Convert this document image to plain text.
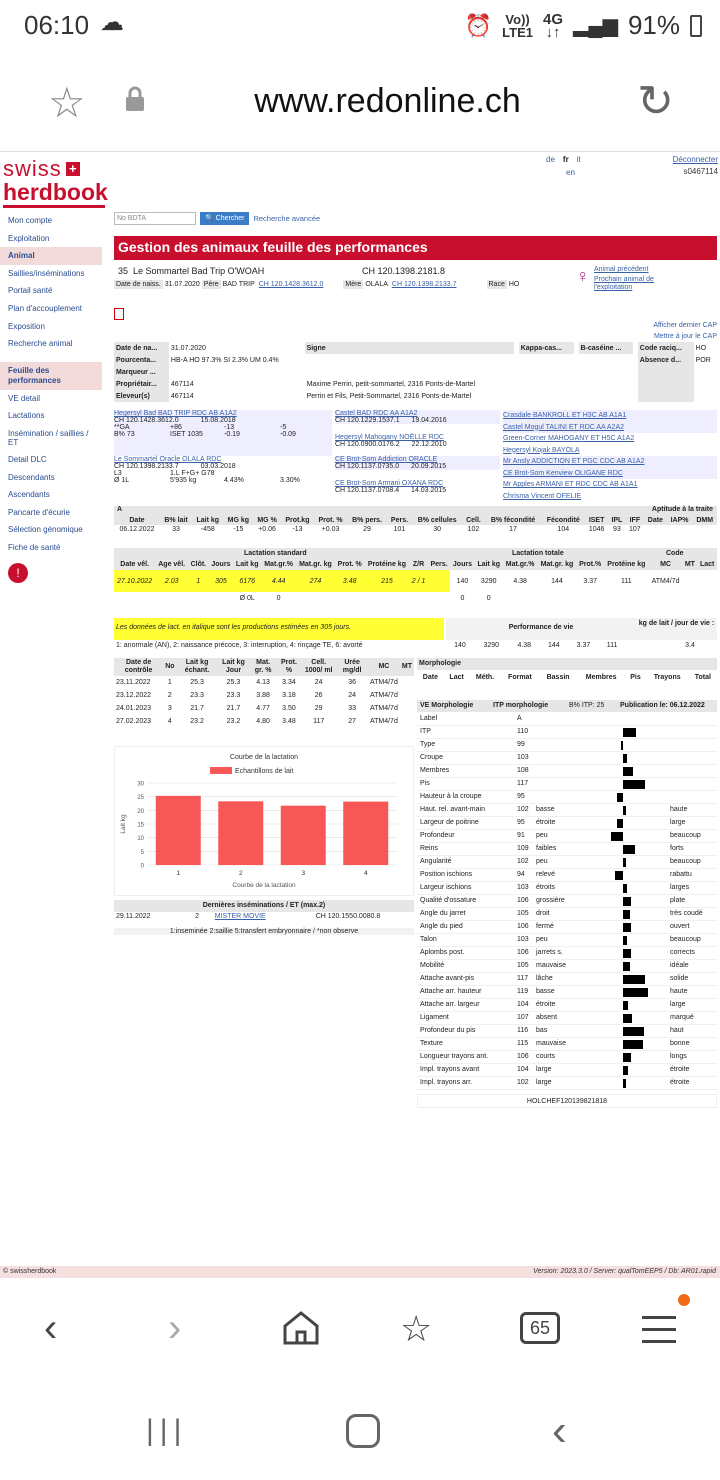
06:10 ☁	⏰ Vo))
LTE1
4G
↓↑ ▂▄▆ 91%
☆	www.redonline.ch	↻
swiss +
herdbook
de fr it
en
Déconnecter
s0467114
Mon compte
Exploitation
Animal
Saillies/inséminations
Portail santé
Plan d'accouplement
Exposition
Recherche animal
Feuille des performances
VE detail
Lactations
Insémination / saillies / ET
Detail DLC
Descendants
Ascendants
Pancarte d'écurie
Sélection génomique
Fiche de santé
!
No BDTA	🔍 Chercher	Recherche avancée
Gestion des animaux feuille des performances
35 Le Sommartel Bad Trip O'WOAH	CH 120.1398.2181.8
Date de naiss.	31.07.2020	Père	BAD TRIP	CH 120.1428.3612.0	Mère	OLALA	CH 120.1398.2133.7	Race	HO	♀ Animal précédent
Prochain animal de l'exploitation
Afficher dernier CAP
Mettre à jour le CAP
Date de na...	31.07.2020	Signe		Kappa-cas...		B-caséine ...		Code raciq...	HO
Pourcenta...	HB-A HO 97.3% SI 2.3% UM 0.4%							Absence d...	POR
Marqueur ...									
Propriétair...	467114	Maxime Perrin, petit-sommartel, 2316 Ponts-de-Martel							
Eleveur(s)	467114	Perrin et Fils, Petit-Sommartel, 2316 Ponts-de-Martel							
Hegersyl Bad BAD TRIP RDC AB A1A2
CH 120.1428.3612.0	15.08.2018
**GA	+86	-13	-5
B% 73	ISET 1035	-0.19	-0.09
Le Sommartel Oracle OLALA RDC
CH 120.1398.2133.7	03.03.2018
L3	1.L F+G+ G78
Ø 1L	5'935 kg	4.43%	3.30%
Castel BAD RDC AA A1A2
CH 120.1229.1537.1 19.04.2016
Hegersyl Mahogany NOËLLE RDC
CH 120.0900.0176.2 22.12.2010
CE Brot-Som Addiction ORACLE
CH 120.1137.0735.0 20.09.2015
CE Brot-Som Armani OXANA RDC
CH 120.1137.0708.4 14.03.2015
Crasdale BANKROLL ET H3C AB A1A1
Castel Mogul TALINI ET RDC AA A2A2
Green-Corner MAHOGANY ET H5C A1A2
Hegersyl Kojak BAYOLA
Mr Ansly ADDICTION ET PGC CDC AB A1A2
CE Brot-Som Kenview OLIGANE RDC
Mr Apples ARMANI ET RDC CDC AB A1A1
Chrisma Vincent OFELIE
A	Aptitude à la traite
Date	B% lait	Lait kg	MG kg	MG %	Prot.kg	Prot. %	B% pers.	Pers.	B% cellules	Cell.	B% fécondité	Fécondité	ISET	IPL	IFF	Date	IAP%	DMM
06.12.2022	33	-458	-15	+0.06	-13	+0.03	29	101	30	102	17	104	1046	93	107			
Lactation standard	Lactation totale	Code
Date vêl.	Age vêl.	Clôt.	Jours	Lait kg	Mat.gr.%	Mat.gr. kg	Prot. %	Protéine kg	Z/R	Pers.	Jours	Lait kg	Mat.gr.%	Mat.gr. kg	Prot.%	Protéine kg	MC	MT	Lact
27.10.2022	2.03	1	305	6176	4.44	274	3.48	215	2 / 1		140	3290	4.38	144	3.37	111	ATM4/7d		
				Ø 0L	0						0	0							
Les données de lact. en italique sont les productions estimées en 305 jours.	Performance de vie
kg de lait / jour de vie :
1: anormale (AN), 2: naissance précoce, 3: interruption, 4: rinçage TE, 6: avorté	140	3290	4.38	144	3.37	111	3.4
Date de contrôle	No	Lait kg échant.	Lait kg Jour	Mat. gr. %	Prot. %	Cell. 1000/ ml	Urée mg/dl	MC	MT
23.11.2022	1	25.3	25.3	4.13	3.34	24	36	ATM4/7d	
23.12.2022	2	23.3	23.3	3.88	3.18	26	24	ATM4/7d	
24.01.2023	3	21.7	21.7	4.77	3.50	29	33	ATM4/7d	
27.02.2023	4	23.2	23.2	4.80	3.48	117	27	ATM4/7d	
Courbe de la lactation
Echantillons de lait
0
5
10
15
20
25
30
Lait kg
1	2	3	4
Courbe de la lactation
Dernières inséminations / ET (max.2)
29.11.2022	2	MISTER MOVIE	CH 120.1550.0080.8
1:inseminée 2:saillie 5:transfert embryonnaire / *non observe
Morphologie
Date	Lact	Méth.	Format	Bassin	Membres	Pis	Trayons	Total

VE Morphologie	ITP morphologie	B% ITP: 25 Publication le: 06.12.2022
Label	A
ITP	110
Type	99
Croupe	103
Membres	108
Pis	117
Hauteur à la croupe	95
Haut. rel. avant-main	102 basse	haute
Largeur de poitrine	95 étroite	large
Profondeur	91 peu	beaucoup
Reins	109 faibles	forts
Angularité	102 peu	beaucoup
Position ischions	94 relevé	rabattu
Largeur ischions	103 étroits	larges
Qualité d'ossature	106 grossière	plate
Angle du jarret	105 droit	très coudé
Angle du pied	106 fermé	ouvert
Talon	103 peu	beaucoup
Aplombs post.	106 jarrets s.	corrects
Mobilité	105 mauvaise	idéale
Attache avant-pis	117 lâche	solide
Attache arr. hauteur	119 basse	haute
Attache arr. largeur	104 étroite	large
Ligament	107 absent	marqué
Profondeur du pis	116 bas	haut
Texture	115 mauvaise	bonne
Longueur trayons ant.	106 courts	longs
Impl. trayons avant	104 large	étroite
Impl. trayons arr.	102 large	étroite
HOLCHEF120139821818
© swissherdbook	Version: 2023.3.0 / Server: qualTomEEP5 / Db: AR01.rapid
‹	›	☆	65
|||	‹
